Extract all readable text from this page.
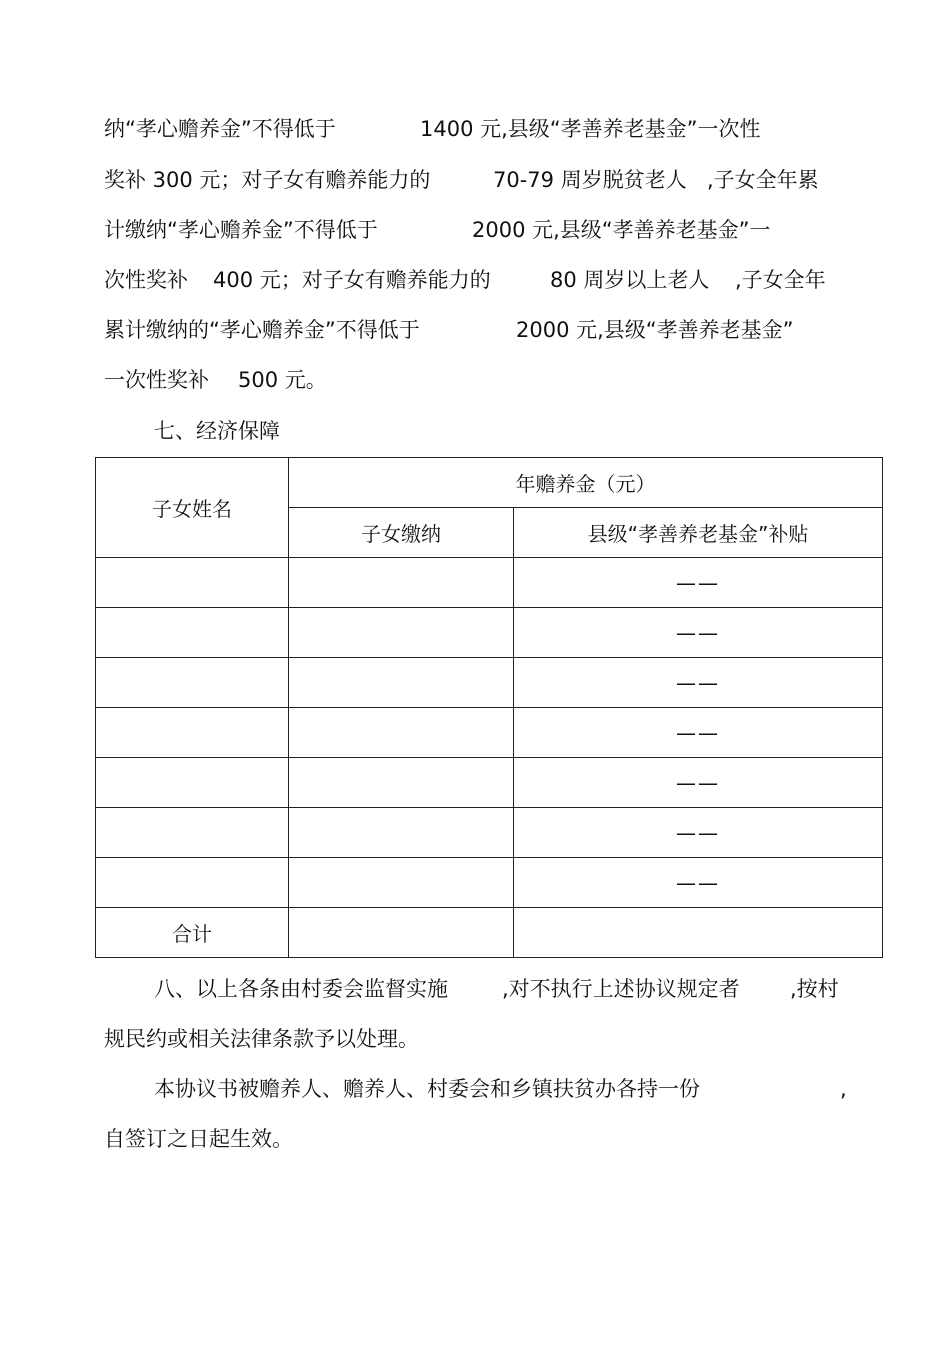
纳“孝心赡养金”不得低于	1400 元,县级“孝善养老基金”一次性
奖补 300 元；对子女有赡养能力的	70-79 周岁脱贫老人 ,子女全年累
计缴纳“孝心赡养金”不得低于	2000 元,县级“孝善养老基金”一
次性奖补 400 元；对子女有赡养能力的	80 周岁以上老人 ,子女全年
累计缴纳的“孝心赡养金”不得低于	2000 元,县级“孝善养老基金”
一次性奖补 500 元。
七、经济保障
子女姓名	年赡养金（元）	
	子女缴纳	县级“孝善养老基金”补贴
		——
		——
		——
		——
		——
		——
		——
合计		
八、以上各条由村委会监督实施	,对不执行上述协议规定者 ,按村
规民约或相关法律条款予以处理。
本协议书被赡养人、赡养人、村委会和乡镇扶贫办各持一份	,
自签订之日起生效。
